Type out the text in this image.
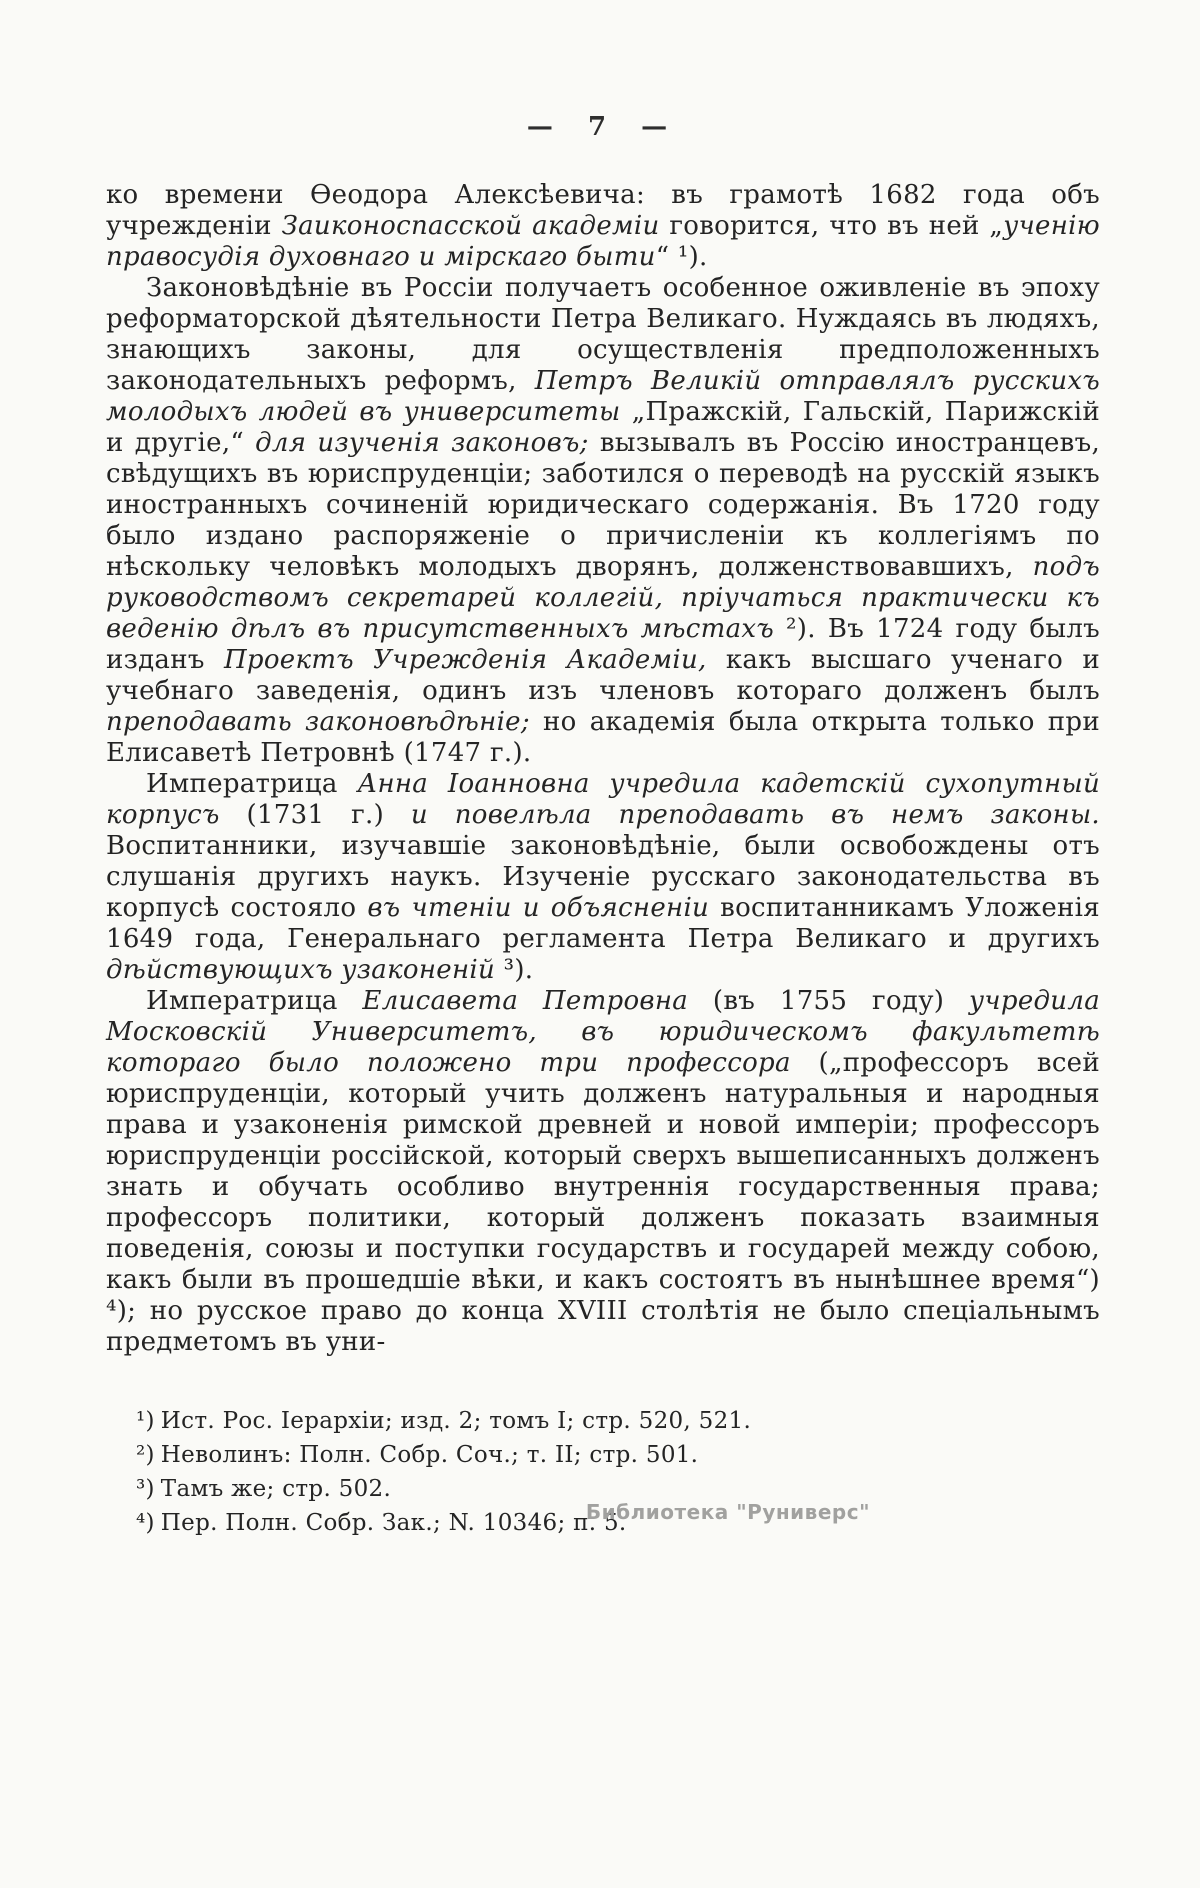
— 7 —

ко времени Ѳеодора Алексѣевича: въ грамотѣ 1682 года объ учрежденіи Заиконоспасской академіи говорится, что въ ней „ученію правосудія духовнаго и мірскаго быти“ ¹).

Законовѣдѣніе въ Россіи получаетъ особенное оживленіе въ эпоху реформаторской дѣятельности Петра Великаго. Нуждаясь въ людяхъ, знающихъ законы, для осуществленія предположенныхъ законодательныхъ реформъ, Петръ Великій отправлялъ русскихъ молодыхъ людей въ университеты „Пражскій, Гальскій, Парижскій и другіе,“ для изученія законовъ; вызывалъ въ Россію иностранцевъ, свѣдущихъ въ юриспруденціи; заботился о переводѣ на русскій языкъ иностранныхъ сочиненій юридическаго содержанія. Въ 1720 году было издано распоряженіе о причисленіи къ коллегіямъ по нѣскольку человѣкъ молодыхъ дворянъ, долженствовавшихъ, подъ руководствомъ секретарей коллегій, пріучаться практически къ веденію дѣлъ въ присутственныхъ мѣстахъ ²). Въ 1724 году былъ изданъ Проектъ Учрежденія Академіи, какъ высшаго ученаго и учебнаго заведенія, одинъ изъ членовъ котораго долженъ былъ преподавать законовѣдѣніе; но академія была открыта только при Елисаветѣ Петровнѣ (1747 г.).

Императрица Анна Іоанновна учредила кадетскій сухопутный корпусъ (1731 г.) и повелѣла преподавать въ немъ законы. Воспитанники, изучавшіе законовѣдѣніе, были освобождены отъ слушанія другихъ наукъ. Изученіе русскаго законодательства въ корпусѣ состояло въ чтеніи и объясненіи воспитанникамъ Уложенія 1649 года, Генеральнаго регламента Петра Великаго и другихъ дѣйствующихъ узаконеній ³).

Императрица Елисавета Петровна (въ 1755 году) учредила Московскій Университетъ, въ юридическомъ факультетѣ котораго было положено три профессора („профессоръ всей юриспруденціи, который учить долженъ натуральныя и народныя права и узаконенія римской древней и новой имперіи; профессоръ юриспруденціи россійской, который сверхъ вышеписанныхъ долженъ знать и обучать особливо внутреннія государственныя права; профессоръ политики, который долженъ показать взаимныя поведенія, союзы и поступки государствъ и государей между собою, какъ были въ прошедшіе вѣки, и какъ состоятъ въ нынѣшнее время“) ⁴); но русское право до конца XVIII столѣтія не было спеціальнымъ предметомъ въ уни-

¹) Ист. Рос. Іерархіи; изд. 2; томъ I; стр. 520, 521.
²) Неволинъ: Полн. Собр. Соч.; т. II; стр. 501.
³) Тамъ же; стр. 502.
⁴) Пер. Полн. Собр. Зак.; N. 10346; п. 5.
Библиотека "Руниверс"
